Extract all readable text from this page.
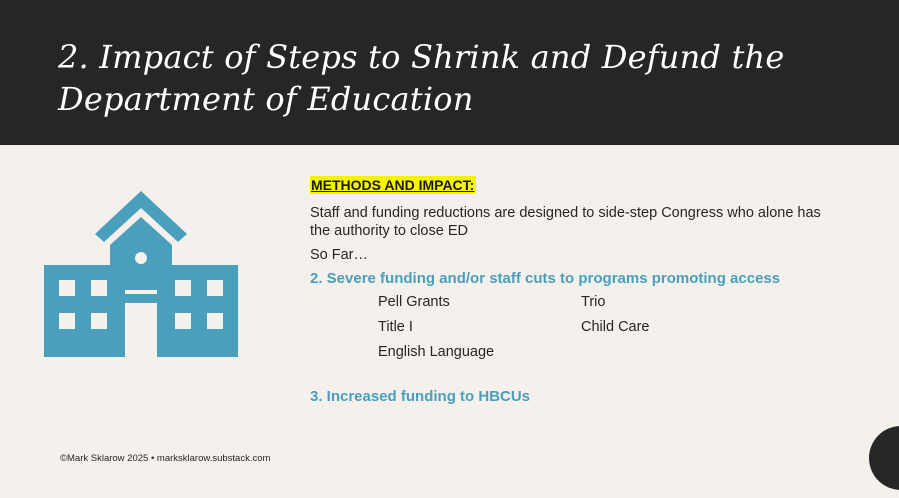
2. Impact of Steps to Shrink and Defund the Department of Education
METHODS AND IMPACT:
Staff and funding reductions are designed to side-step Congress who alone has the authority to close ED
So Far…
2. Severe funding and/or staff cuts to programs promoting access
Pell Grants	Trio
Title I	Child Care
English Language
3. Increased funding to HBCUs
©Mark Sklarow 2025 • marksklarow.substack.com
